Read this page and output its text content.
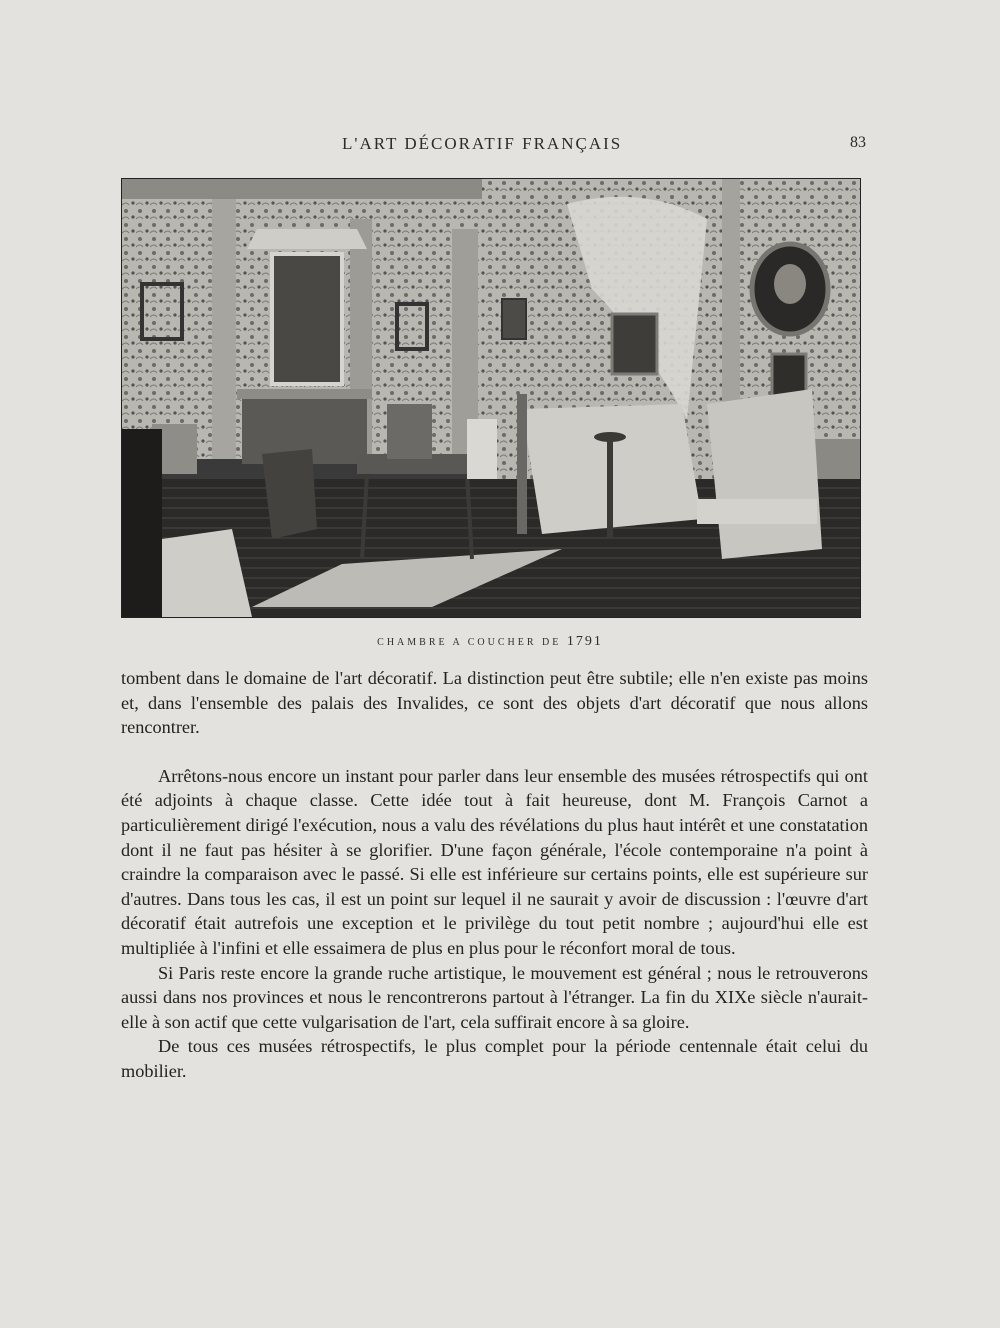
L'ART DÉCORATIF FRANÇAIS	83
CHAMBRE A COUCHER DE 1791

tombent dans le domaine de l'art décoratif. La distinction peut être subtile; elle n'en existe pas moins et, dans l'ensemble des palais des Invalides, ce sont des objets d'art décoratif que nous allons rencontrer.

Arrêtons-nous encore un instant pour parler dans leur ensemble des musées rétrospectifs qui ont été adjoints à chaque classe. Cette idée tout à fait heureuse, dont M. François Carnot a particulièrement dirigé l'exécution, nous a valu des révélations du plus haut intérêt et une constatation dont il ne faut pas hésiter à se glorifier. D'une façon générale, l'école contemporaine n'a point à craindre la comparaison avec le passé. Si elle est inférieure sur certains points, elle est supérieure sur d'autres. Dans tous les cas, il est un point sur lequel il ne saurait y avoir de discussion : l'œuvre d'art décoratif était autrefois une exception et le privilège du tout petit nombre ; aujourd'hui elle est multipliée à l'infini et elle essaimera de plus en plus pour le réconfort moral de tous.

Si Paris reste encore la grande ruche artistique, le mouvement est général ; nous le retrouverons aussi dans nos provinces et nous le rencontrerons partout à l'étranger. La fin du XIXe siècle n'aurait-elle à son actif que cette vulgarisation de l'art, cela suffirait encore à sa gloire.

De tous ces musées rétrospectifs, le plus complet pour la période centennale était celui du mobilier.
